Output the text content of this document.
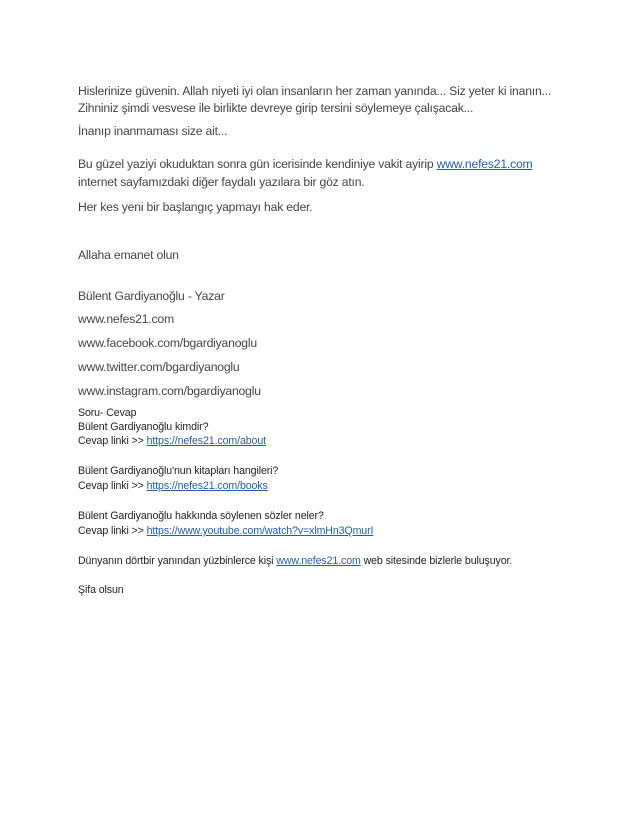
Hislerinize güvenin. Allah niyeti iyi olan insanların her zaman yanında... Siz yeter ki inanın...
Zihniniz şimdi vesvese ile birlikte devreye girip tersini söylemeye çalışacak...
İnanıp inanmaması size ait...
Bu güzel yaziyi okuduktan sonra gün icerisinde kendiniye vakit ayirip www.nefes21.com
internet sayfamızdaki diğer faydalı yazılara bir göz atın.
Her kes yeni bir başlangıç yapmayı hak eder.
Allaha emanet olun
Bülent Gardiyanoğlu - Yazar
www.nefes21.com
www.facebook.com/bgardiyanoglu
www.twitter.com/bgardiyanoglu
www.instagram.com/bgardiyanoglu
Soru- Cevap
Bülent Gardiyanoğlu kimdir?
Cevap linki >> https://nefes21.com/about
Bülent Gardiyanoğlu'nun kitapları hangileri?
Cevap linki >> https://nefes21.com/books
Bülent Gardiyanoğlu hakkında söylenen sözler neler?
Cevap linki >> https://www.youtube.com/watch?v=xlmHn3QmurI
Dünyanın dörtbir yanından yüzbinlerce kişi www.nefes21.com web sitesinde bizlerle buluşuyor.
Şifa olsun
